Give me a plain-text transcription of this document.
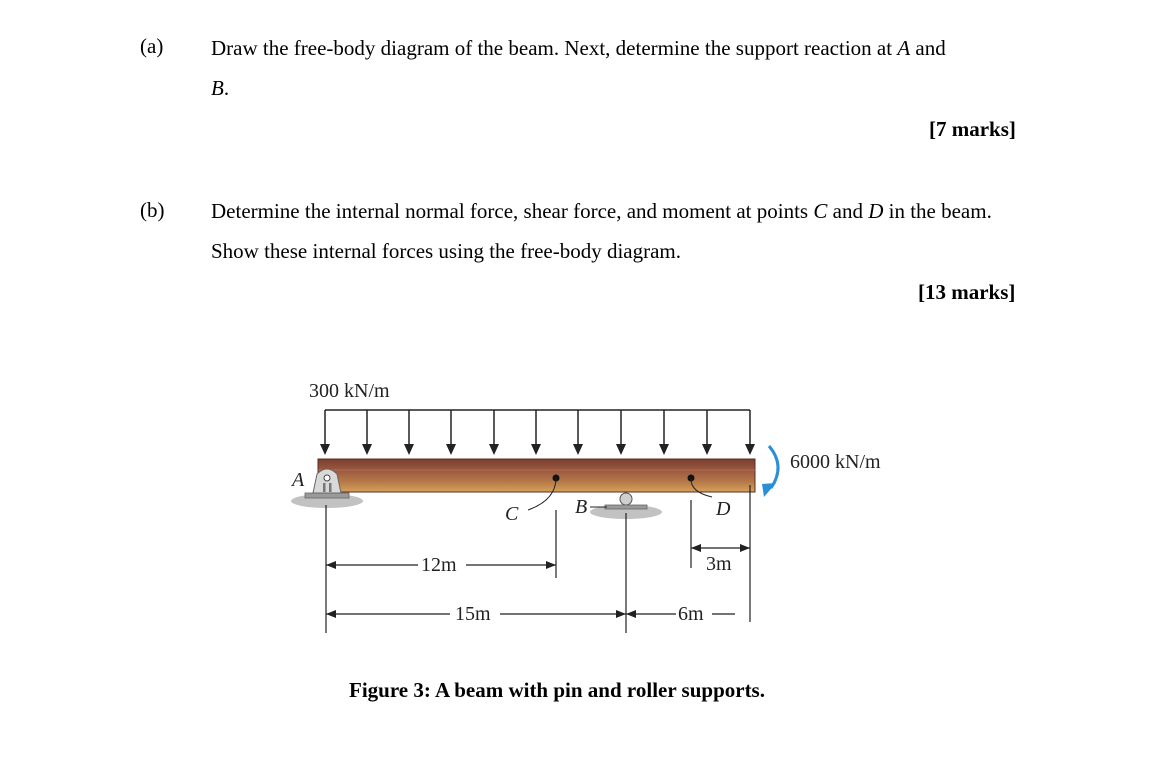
(a) Draw the free-body diagram of the beam. Next, determine the support reaction at A and
B.
[7 marks]
(b) Determine the internal normal force, shear force, and moment at points C and D in the beam. Show these internal forces using the free-body diagram.
[13 marks]
300 kN/m
A
B
C	D
6000 kN/m
12m
15m	6m
3m
Figure 3: A beam with pin and roller supports.
